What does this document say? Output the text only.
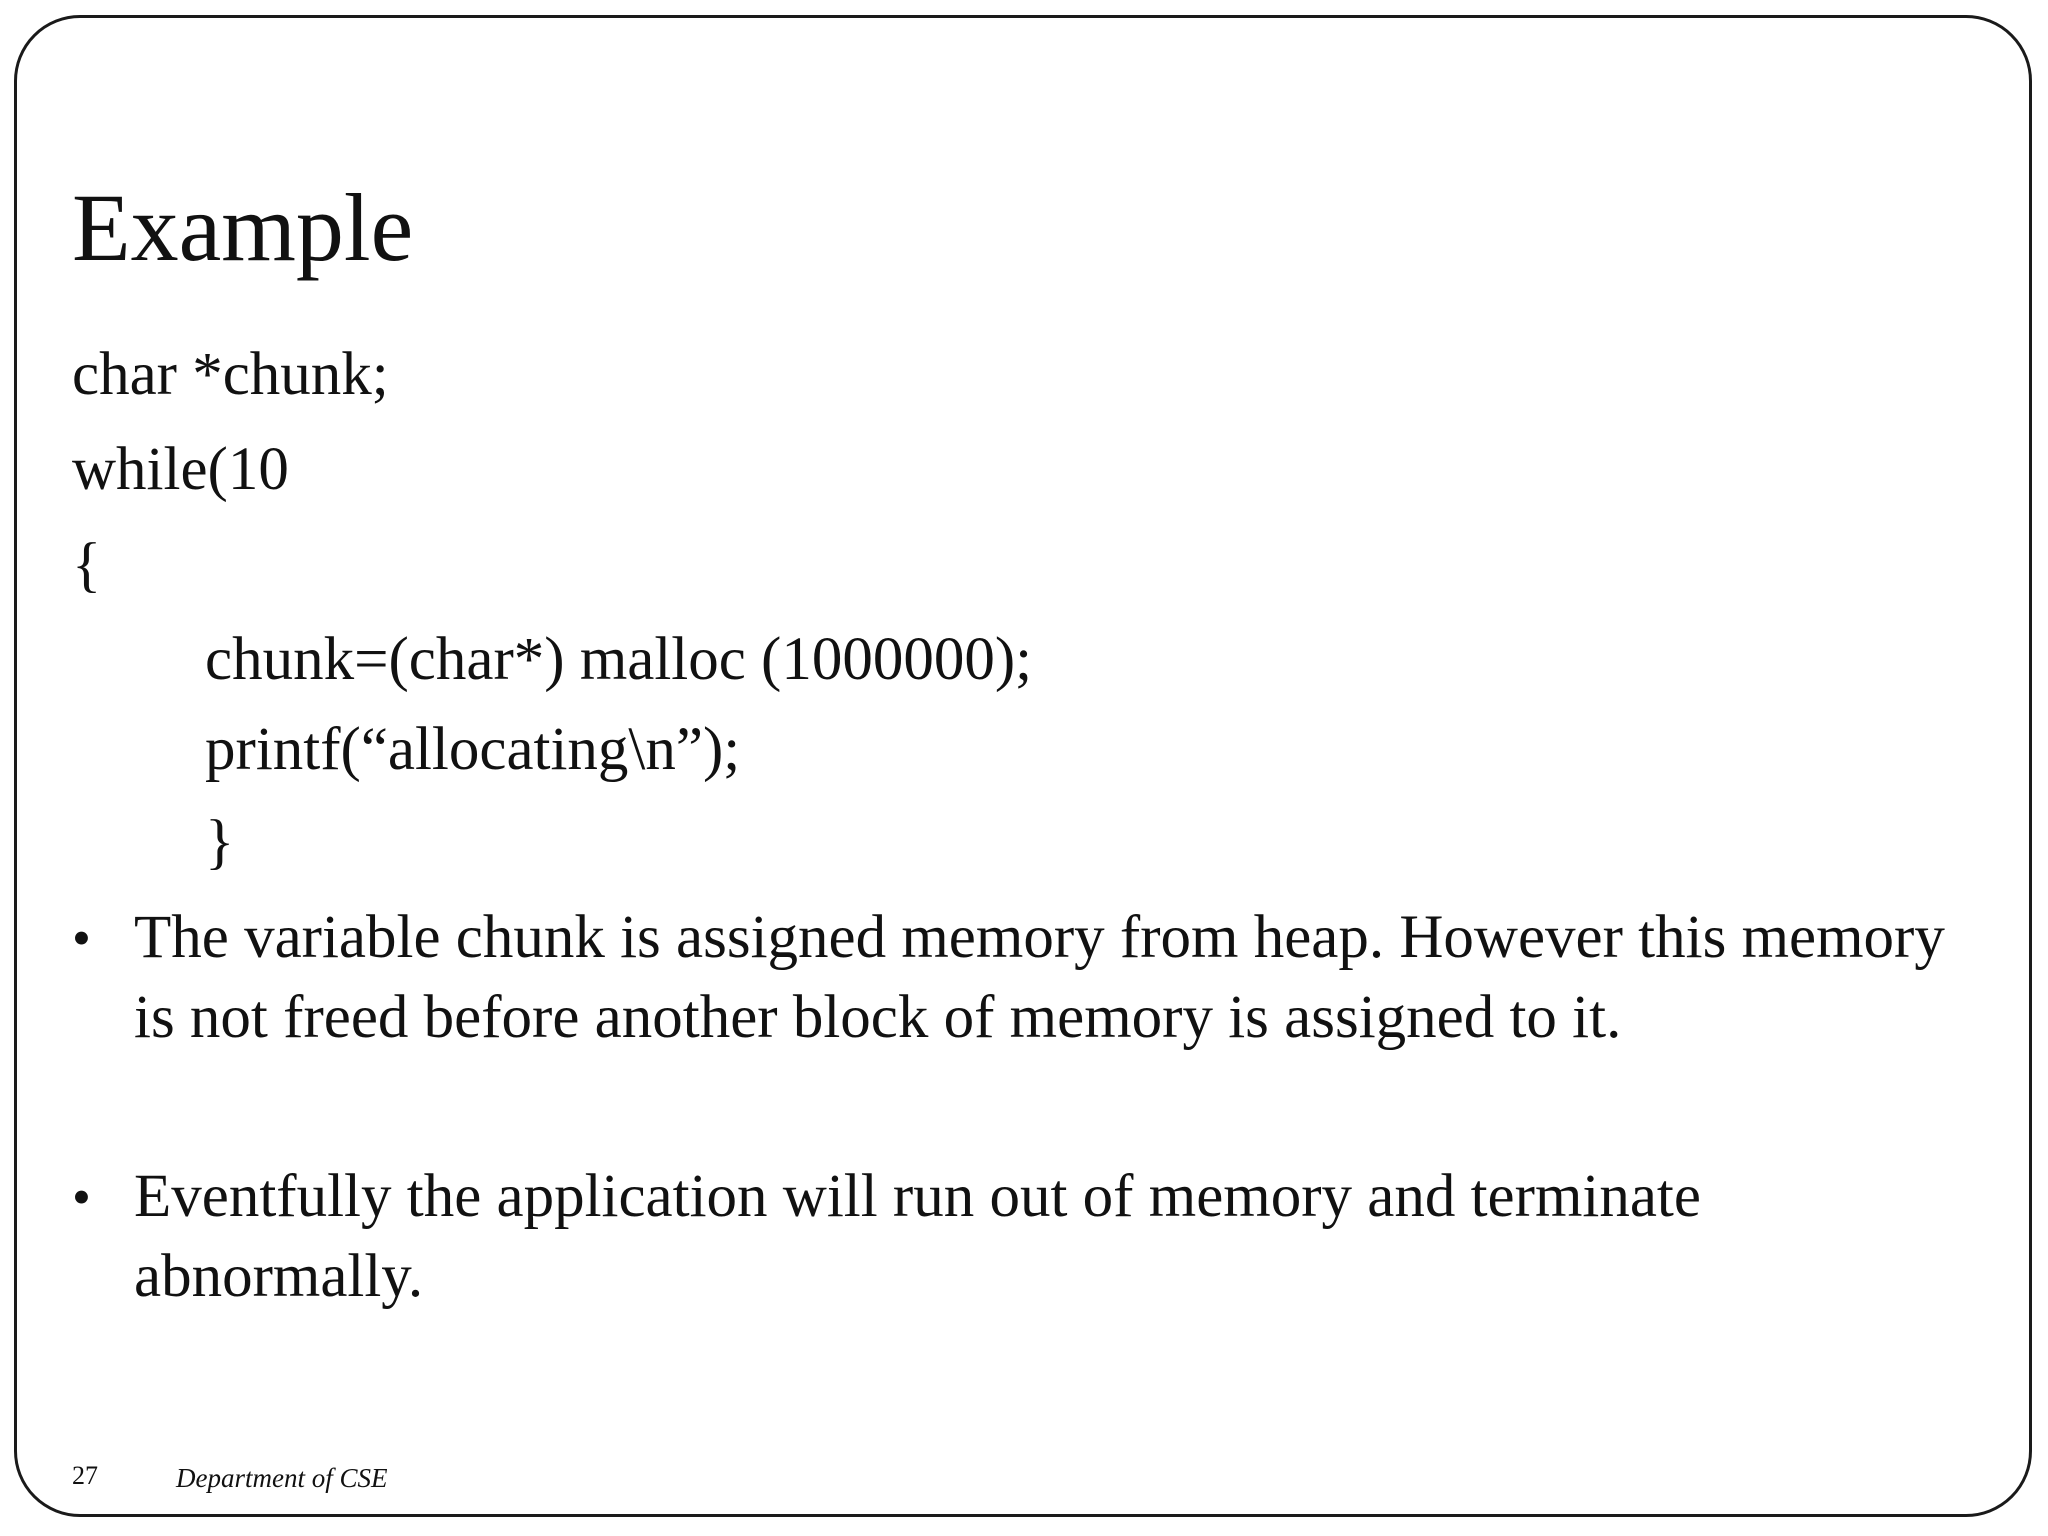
Example
char *chunk;
while(10
{
chunk=(char*) malloc (1000000);
printf(“allocating\n”);
}
• The variable chunk is assigned memory from heap. However this memory is not freed before another block of memory is assigned to it.
• Eventfully the application will run out of memory and terminate abnormally.
27	Department of CSE
